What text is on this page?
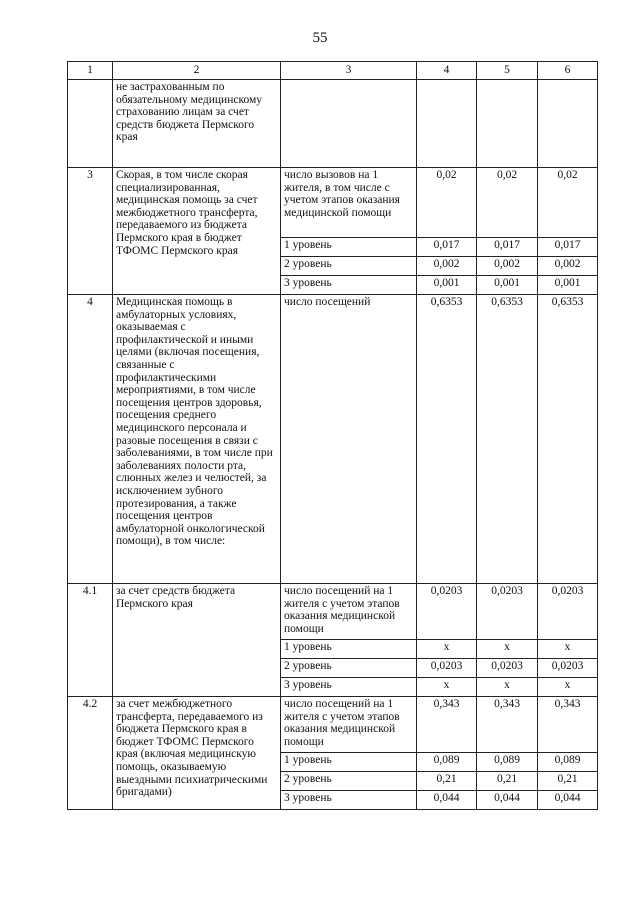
55
1	2	3	4	5	6
	не застрахованным по обязательному медицинскому страхованию лицам за счет средств бюджета Пермского края				
3	Скорая, в том числе скорая специализированная, медицинская помощь за счет межбюджетного трансферта, передаваемого из бюджета Пермского края в бюджет ТФОМС Пермского края	число вызовов на 1 жителя, в том числе с учетом этапов оказания медицинской помощи	0,02	0,02	0,02
		1 уровень	0,017	0,017	0,017
		2 уровень	0,002	0,002	0,002
		3 уровень	0,001	0,001	0,001
4	Медицинская помощь в амбулаторных условиях, оказываемая с профилактической и иными целями (включая посещения, связанные с профилактическими мероприятиями, в том числе посещения центров здоровья, посещения среднего медицинского персонала и разовые посещения в связи с заболеваниями, в том числе при заболеваниях полости рта, слюнных желез и челюстей, за исключением зубного протезирования, а также посещения центров амбулаторной онкологической помощи), в том числе:	число посещений	0,6353	0,6353	0,6353
4.1	за счет средств бюджета Пермского края	число посещений на 1 жителя с учетом этапов оказания медицинской помощи	0,0203	0,0203	0,0203
		1 уровень	х	х	х
		2 уровень	0,0203	0,0203	0,0203
		3 уровень	х	х	х
4.2	за счет межбюджетного трансферта, передаваемого из бюджета Пермского края в бюджет ТФОМС Пермского края (включая медицинскую помощь, оказываемую выездными психиатрическими бригадами)	число посещений на 1 жителя с учетом этапов оказания медицинской помощи	0,343	0,343	0,343
		1 уровень	0,089	0,089	0,089
		2 уровень	0,21	0,21	0,21
		3 уровень	0,044	0,044	0,044
